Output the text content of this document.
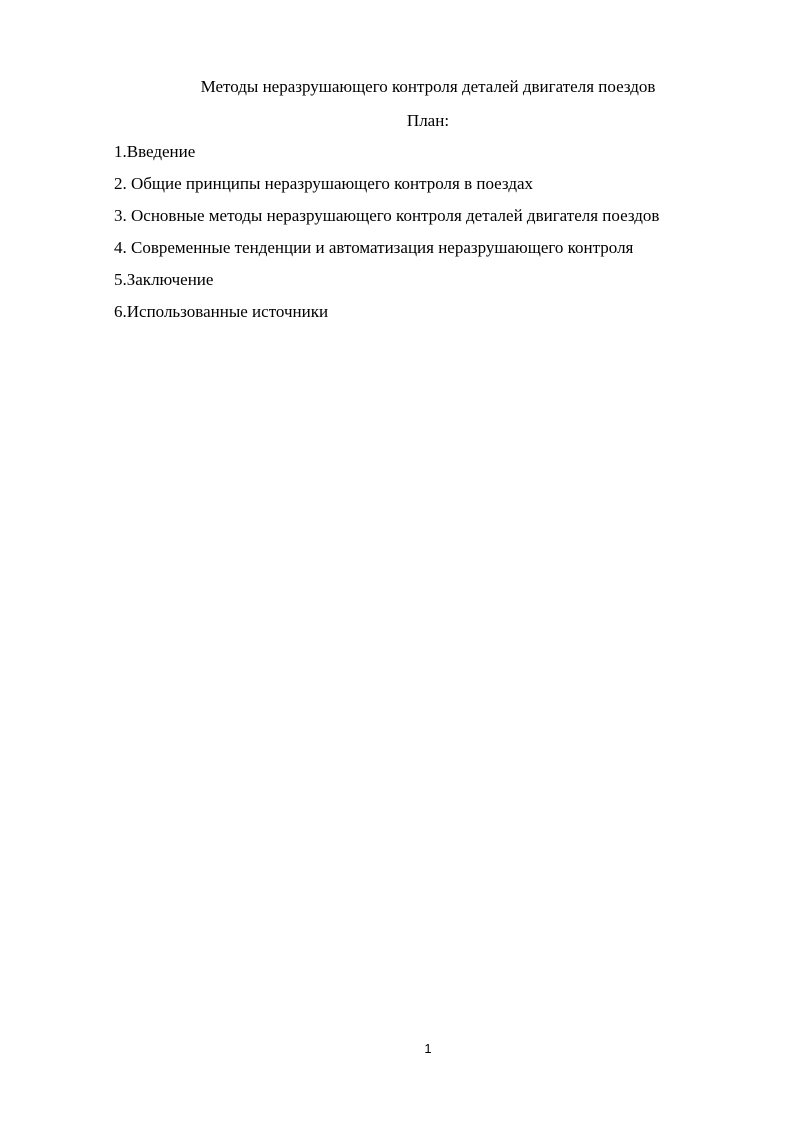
Методы неразрушающего контроля деталей двигателя поездов
План:
1.Введение
2. Общие принципы неразрушающего контроля в поездах
3. Основные методы неразрушающего контроля деталей двигателя поездов
4. Современные тенденции и автоматизация неразрушающего контроля
5.Заключение
6.Использованные источники
1
